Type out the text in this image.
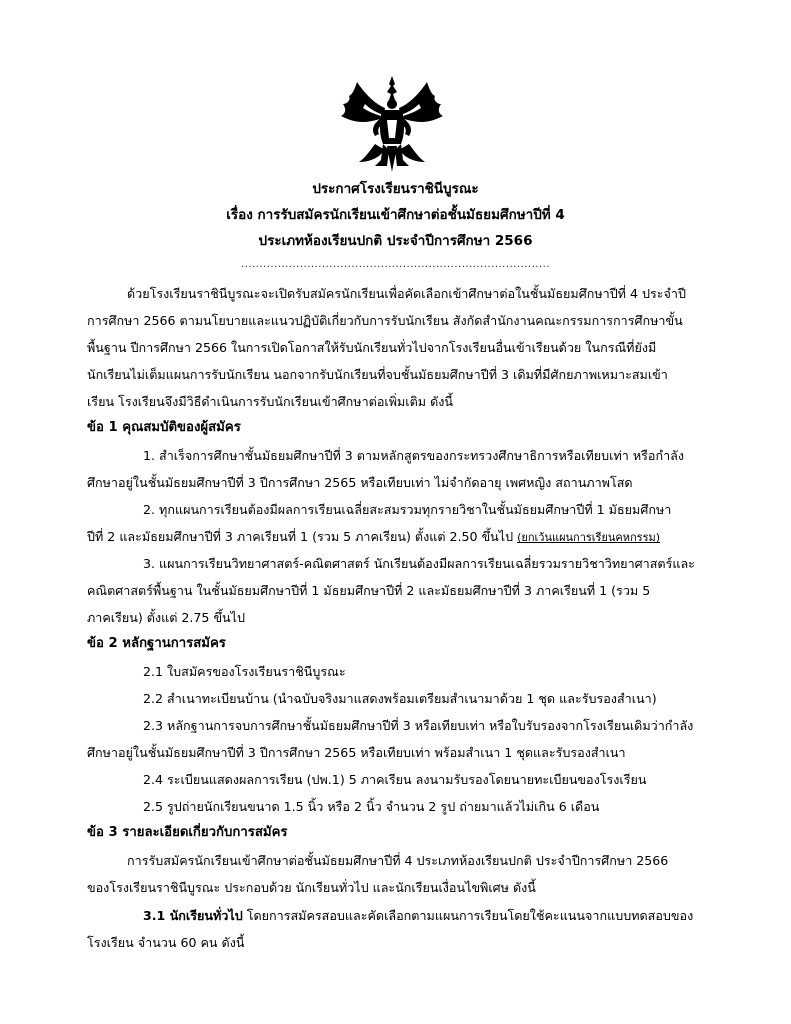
ประกาศโรงเรียนราชินีบูรณะ
เรื่อง การรับสมัครนักเรียนเข้าศึกษาต่อชั้นมัธยมศึกษาปีที่ 4
ประเภทห้องเรียนปกติ ประจำปีการศึกษา 2566
....................................................................................
ด้วยโรงเรียนราชินีบูรณะจะเปิดรับสมัครนักเรียนเพื่อคัดเลือกเข้าศึกษาต่อในชั้นมัธยมศึกษาปีที่ 4 ประจำปี
การศึกษา 2566 ตามนโยบายและแนวปฏิบัติเกี่ยวกับการรับนักเรียน สังกัดสำนักงานคณะกรรมการการศึกษาขั้น
พื้นฐาน ปีการศึกษา 2566 ในการเปิดโอกาสให้รับนักเรียนทั่วไปจากโรงเรียนอื่นเข้าเรียนด้วย ในกรณีที่ยังมี
นักเรียนไม่เต็มแผนการรับนักเรียน นอกจากรับนักเรียนที่จบชั้นมัธยมศึกษาปีที่ 3 เดิมที่มีศักยภาพเหมาะสมเข้า
เรียน โรงเรียนจึงมีวิธีดำเนินการรับนักเรียนเข้าศึกษาต่อเพิ่มเติม ดังนี้
ข้อ 1 คุณสมบัติของผู้สมัคร
1. สำเร็จการศึกษาชั้นมัธยมศึกษาปีที่ 3 ตามหลักสูตรของกระทรวงศึกษาธิการหรือเทียบเท่า หรือกำลัง
ศึกษาอยู่ในชั้นมัธยมศึกษาปีที่ 3 ปีการศึกษา 2565 หรือเทียบเท่า ไม่จำกัดอายุ เพศหญิง สถานภาพโสด
2. ทุกแผนการเรียนต้องมีผลการเรียนเฉลี่ยสะสมรวมทุกรายวิชาในชั้นมัธยมศึกษาปีที่ 1 มัธยมศึกษา
ปีที่ 2 และมัธยมศึกษาปีที่ 3 ภาคเรียนที่ 1 (รวม 5 ภาคเรียน) ตั้งแต่ 2.50 ขึ้นไป (ยกเว้นแผนการเรียนคหกรรม)
3. แผนการเรียนวิทยาศาสตร์-คณิตศาสตร์ นักเรียนต้องมีผลการเรียนเฉลี่ยรวมรายวิชาวิทยาศาสตร์และ
คณิตศาสตร์พื้นฐาน ในชั้นมัธยมศึกษาปีที่ 1 มัธยมศึกษาปีที่ 2 และมัธยมศึกษาปีที่ 3 ภาคเรียนที่ 1 (รวม 5
ภาคเรียน) ตั้งแต่ 2.75 ขึ้นไป
ข้อ 2 หลักฐานการสมัคร
2.1 ใบสมัครของโรงเรียนราชินีบูรณะ
2.2 สำเนาทะเบียนบ้าน (นำฉบับจริงมาแสดงพร้อมเตรียมสำเนามาด้วย 1 ชุด และรับรองสำเนา)
2.3 หลักฐานการจบการศึกษาชั้นมัธยมศึกษาปีที่ 3 หรือเทียบเท่า หรือใบรับรองจากโรงเรียนเดิมว่ากำลัง
ศึกษาอยู่ในชั้นมัธยมศึกษาปีที่ 3 ปีการศึกษา 2565 หรือเทียบเท่า พร้อมสำเนา 1 ชุดและรับรองสำเนา
2.4 ระเบียนแสดงผลการเรียน (ปพ.1) 5 ภาคเรียน ลงนามรับรองโดยนายทะเบียนของโรงเรียน
2.5 รูปถ่ายนักเรียนขนาด 1.5 นิ้ว หรือ 2 นิ้ว จำนวน 2 รูป ถ่ายมาแล้วไม่เกิน 6 เดือน
ข้อ 3 รายละเอียดเกี่ยวกับการสมัคร
การรับสมัครนักเรียนเข้าศึกษาต่อชั้นมัธยมศึกษาปีที่ 4 ประเภทห้องเรียนปกติ ประจำปีการศึกษา 2566
ของโรงเรียนราชินีบูรณะ ประกอบด้วย นักเรียนทั่วไป และนักเรียนเงื่อนไขพิเศษ ดังนี้
3.1 นักเรียนทั่วไป โดยการสมัครสอบและคัดเลือกตามแผนการเรียนโดยใช้คะแนนจากแบบทดสอบของ
โรงเรียน จำนวน 60 คน ดังนี้
